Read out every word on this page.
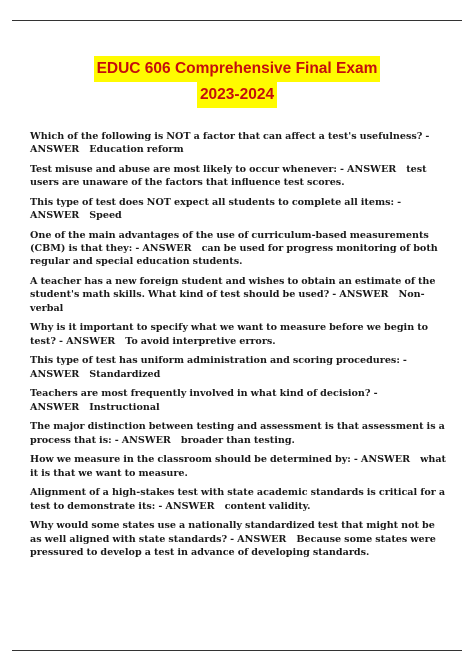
EDUC 606 Comprehensive Final Exam
2023-2024

Which of the following is NOT a factor that can affect a test's usefulness? - ANSWER Education reform

Test misuse and abuse are most likely to occur whenever: - ANSWER test users are unaware of the factors that influence test scores.

This type of test does NOT expect all students to complete all items: - ANSWER Speed

One of the main advantages of the use of curriculum-based measurements (CBM) is that they: - ANSWER can be used for progress monitoring of both regular and special education students.

A teacher has a new foreign student and wishes to obtain an estimate of the student's math skills. What kind of test should be used? - ANSWER Non-verbal

Why is it important to specify what we want to measure before we begin to test? - ANSWER To avoid interpretive errors.

This type of test has uniform administration and scoring procedures: - ANSWER Standardized

Teachers are most frequently involved in what kind of decision? - ANSWER Instructional

The major distinction between testing and assessment is that assessment is a process that is: - ANSWER broader than testing.

How we measure in the classroom should be determined by: - ANSWER what it is that we want to measure.

Alignment of a high-stakes test with state academic standards is critical for a test to demonstrate its: - ANSWER content validity.

Why would some states use a nationally standardized test that might not be as well aligned with state standards? - ANSWER Because some states were pressured to develop a test in advance of developing standards.
